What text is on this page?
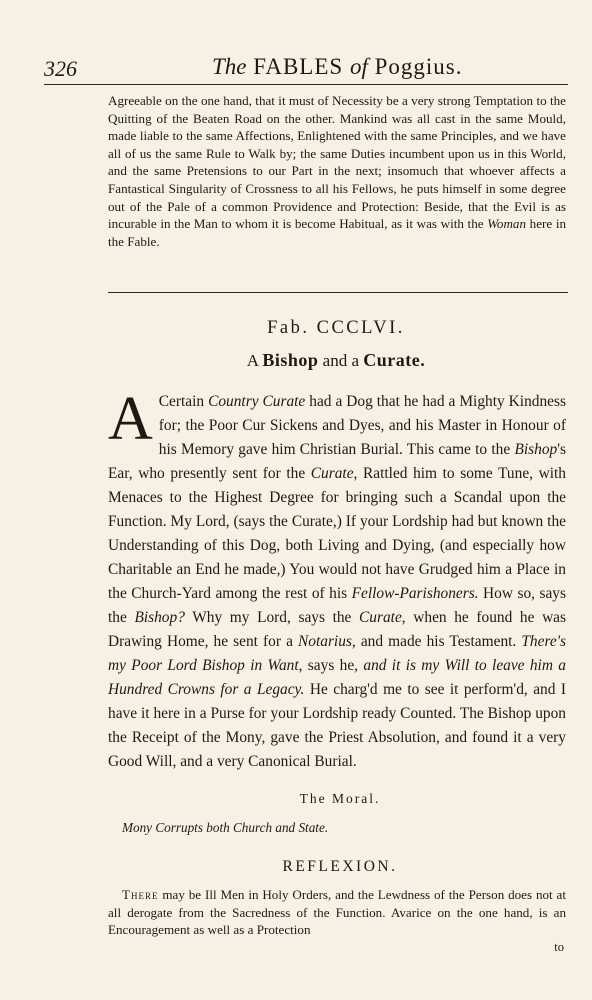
326	The FABLES of Poggius.

Agreeable on the one hand, that it must of Necessity be a very strong Temptation to the Quitting of the Beaten Road on the other. Mankind was all cast in the same Mould, made liable to the same Affections, Enlightened with the same Principles, and we have all of us the same Rule to Walk by; the same Duties incumbent upon us in this World, and the same Pretensions to our Part in the next; insomuch that whoever affects a Fantastical Singularity of Crossness to all his Fellows, he puts himself in some degree out of the Pale of a common Providence and Protection: Beside, that the Evil is as incurable in the Man to whom it is become Habitual, as it was with the Woman here in the Fable.

Fab. CCCLVI.
A Bishop and a Curate.
A Certain Country Curate had a Dog that he had a Mighty Kindness for; the Poor Cur Sickens and Dyes, and his Master in Honour of his Memory gave him Christian Burial. This came to the Bishop's Ear, who presently sent for the Curate, Rattled him to some Tune, with Menaces to the Highest Degree for bringing such a Scandal upon the Function. My Lord, (says the Curate,) If your Lordship had but known the Understanding of this Dog, both Living and Dying, (and especially how Charitable an End he made,) You would not have Grudged him a Place in the Church-Yard among the rest of his Fellow-Parishoners. How so, says the Bishop? Why my Lord, says the Curate, when he found he was Drawing Home, he sent for a Notarius, and made his Testament. There's my Poor Lord Bishop in Want, says he, and it is my Will to leave him a Hundred Crowns for a Legacy. He charg'd me to see it perform'd, and I have it here in a Purse for your Lordship ready Counted. The Bishop upon the Receipt of the Mony, gave the Priest Absolution, and found it a very Good Will, and a very Canonical Burial.
The Moral.
Mony Corrupts both Church and State.
REFLEXION.

There may be Ill Men in Holy Orders, and the Lewdness of the Person does not at all derogate from the Sacredness of the Function. Avarice on the one hand, is an Encouragement as well as a Protection

to
